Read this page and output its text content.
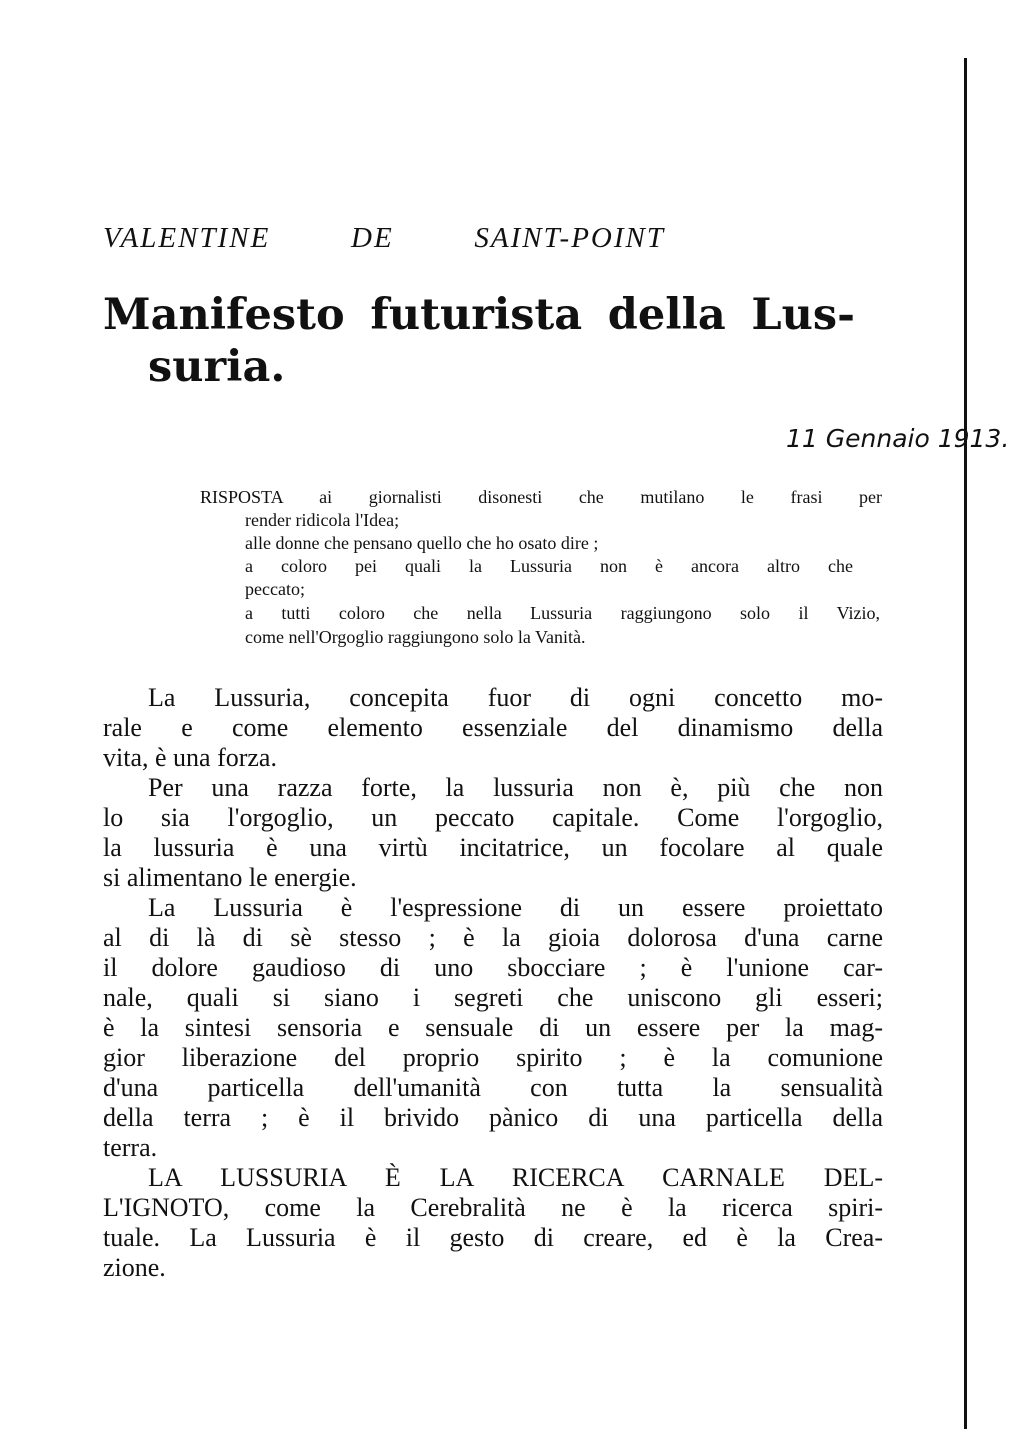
VALENTINE DE SAINT-POINT
Manifesto futurista della Lus-
suria.
11 Gennaio 1913.
RISPOSTA ai giornalisti disonesti che mutilano le frasi per
render ridicola l'Idea;
alle donne che pensano quello che ho osato dire ;
a coloro pei quali la Lussuria non è ancora altro che
peccato;
a tutti coloro che nella Lussuria raggiungono solo il Vizio,
come nell'Orgoglio raggiungono solo la Vanità.
La Lussuria, concepita fuor di ogni concetto mo-
rale e come elemento essenziale del dinamismo della
vita, è una forza.
Per una razza forte, la lussuria non è, più che non
lo sia l'orgoglio, un peccato capitale. Come l'orgoglio,
la lussuria è una virtù incitatrice, un focolare al quale
si alimentano le energie.
La Lussuria è l'espressione di un essere proiettato
al di là di sè stesso ; è la gioia dolorosa d'una carne
il dolore gaudioso di uno sbocciare ; è l'unione car-
nale, quali si siano i segreti che uniscono gli esseri;
è la sintesi sensoria e sensuale di un essere per la mag-
gior liberazione del proprio spirito ; è la comunione
d'una particella dell'umanità con tutta la sensualità
della terra ; è il brivido pànico di una particella della
terra.
LA LUSSURIA È LA RICERCA CARNALE DEL-
L'IGNOTO, come la Cerebralità ne è la ricerca spiri-
tuale. La Lussuria è il gesto di creare, ed è la Crea-
zione.
